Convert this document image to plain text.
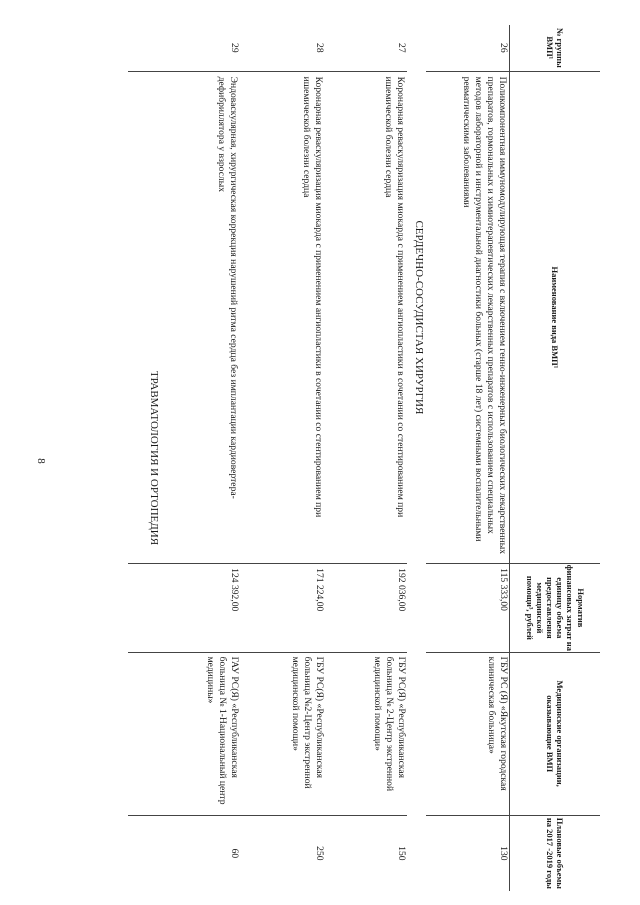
8
№ группы ВМП¹	Наименование вида ВМП¹	Норматив финансовых затрат на единицу объема предоставления медицинской помощи³, рублей	Медицинские организации, оказывающие ВМП	Плановые объемы на 2017 -2019 годы
26	Поликомпонентная иммуномодулирующая терапия с включением генно-инженерных биологических лекарственных препаратов, гормональных и химиотерапевтических лекарственных препаратов с использованием специальных методов лабораторной и инструментальной диагностики больных (старше 18 лет) системными воспалительными ревматическими заболеваниями	115 333,00	ГБУ РС (Я) «Якутская городская клиническая больница»	130
	СЕРДЕЧНО-СОСУДИСТАЯ ХИРУРГИЯ			
27	Коронарная реваскуляризация миокарда с применением ангиопластики в сочетании со стентированием при ишемической болезни сердца	192 036,00	ГБУ РС(Я) «Республиканская больница № 2-Центр экстренной медицинской помощи»	150
28	Коронарная реваскуляризация миокарда с применением ангиопластики в сочетании со стентированием при ишемической болезни сердца	171 224,00	ГБУ РС(Я) «Республиканская больница №2-Центр экстренной медицинской помощи»	250
29	Эндоваскулярная, хирургическая коррекция нарушений ритма сердца без имплантации кардиовертера-дефибриллятора у взрослых	124 392,00	ГАУ РС(Я) «Республиканская больница № 1-Национальный центр медицины»	60
ТРАВМАТОЛОГИЯ И ОРТОПЕДИЯ
